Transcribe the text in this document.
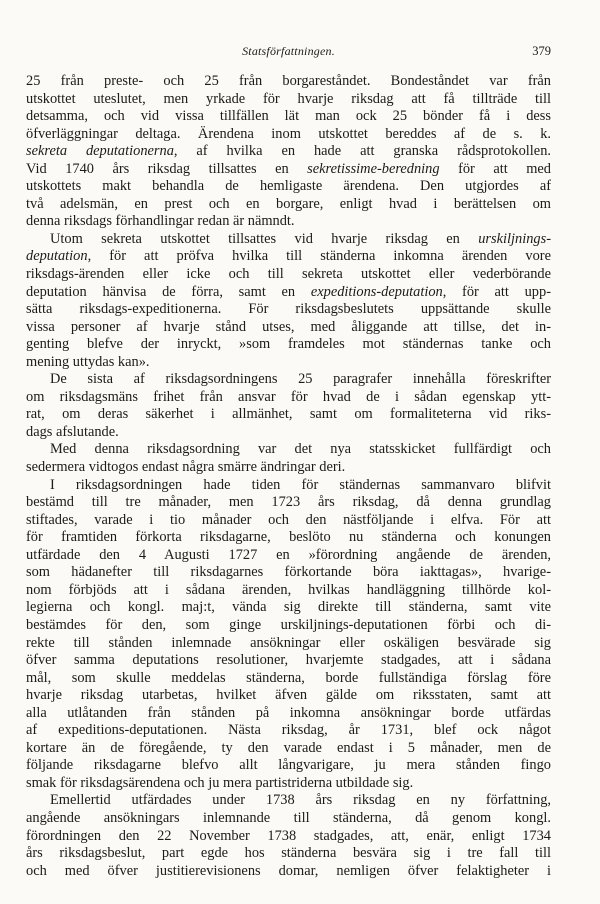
Statsförfattningen.	379
25 från preste- och 25 från borgareståndet. Bondeståndet var från
utskottet uteslutet, men yrkade för hvarje riksdag att få tillträde till
detsamma, och vid vissa tillfällen lät man ock 25 bönder få i dess
öfverläggningar deltaga. Ärendena inom utskottet bereddes af de s. k.
sekreta deputationerna, af hvilka en hade att granska rådsprotokollen.
Vid 1740 års riksdag tillsattes en sekretissime-beredning för att med
utskottets makt behandla de hemligaste ärendena. Den utgjordes af
två adelsmän, en prest och en borgare, enligt hvad i berättelsen om
denna riksdags förhandlingar redan är nämndt.
Utom sekreta utskottet tillsattes vid hvarje riksdag en urskiljnings-
deputation, för att pröfva hvilka till ständerna inkomna ärenden vore
riksdags-ärenden eller icke och till sekreta utskottet eller vederbörande
deputation hänvisa de förra, samt en expeditions-deputation, för att upp-
sätta riksdags-expeditionerna. För riksdagsbeslutets uppsättande skulle
vissa personer af hvarje stånd utses, med åliggande att tillse, det in-
genting blefve der inryckt, »som framdeles mot ständernas tanke och
mening uttydas kan».
De sista af riksdagsordningens 25 paragrafer innehålla föreskrifter
om riksdagsmäns frihet från ansvar för hvad de i sådan egenskap ytt-
rat, om deras säkerhet i allmänhet, samt om formaliteterna vid riks-
dags afslutande.
Med denna riksdagsordning var det nya statsskicket fullfärdigt och
sedermera vidtogos endast några smärre ändringar deri.
I riksdagsordningen hade tiden för ständernas sammanvaro blifvit
bestämd till tre månader, men 1723 års riksdag, då denna grundlag
stiftades, varade i tio månader och den nästföljande i elfva. För att
för framtiden förkorta riksdagarne, beslöto nu ständerna och konungen
utfärdade den 4 Augusti 1727 en »förordning angående de ärenden,
som hädanefter till riksdagarnes förkortande böra iakttagas», hvarige-
nom förbjöds att i sådana ärenden, hvilkas handläggning tillhörde kol-
legierna och kongl. maj:t, vända sig direkte till ständerna, samt vite
bestämdes för den, som ginge urskiljnings-deputationen förbi och di-
rekte till stånden inlemnade ansökningar eller oskäligen besvärade sig
öfver samma deputations resolutioner, hvarjemte stadgades, att i sådana
mål, som skulle meddelas ständerna, borde fullständiga förslag före
hvarje riksdag utarbetas, hvilket äfven gälde om riksstaten, samt att
alla utlåtanden från stånden på inkomna ansökningar borde utfärdas
af expeditions-deputationen. Nästa riksdag, år 1731, blef ock något
kortare än de föregående, ty den varade endast i 5 månader, men de
följande riksdagarne blefvo allt långvarigare, ju mera stånden fingo
smak för riksdagsärendena och ju mera partistriderna utbildade sig.
Emellertid utfärdades under 1738 års riksdag en ny författning,
angående ansökningars inlemnande till ständerna, då genom kongl.
förordningen den 22 November 1738 stadgades, att, enär, enligt 1734
års riksdagsbeslut, part egde hos ständerna besvära sig i tre fall till
och med öfver justitierevisionens domar, nemligen öfver felaktigheter i
